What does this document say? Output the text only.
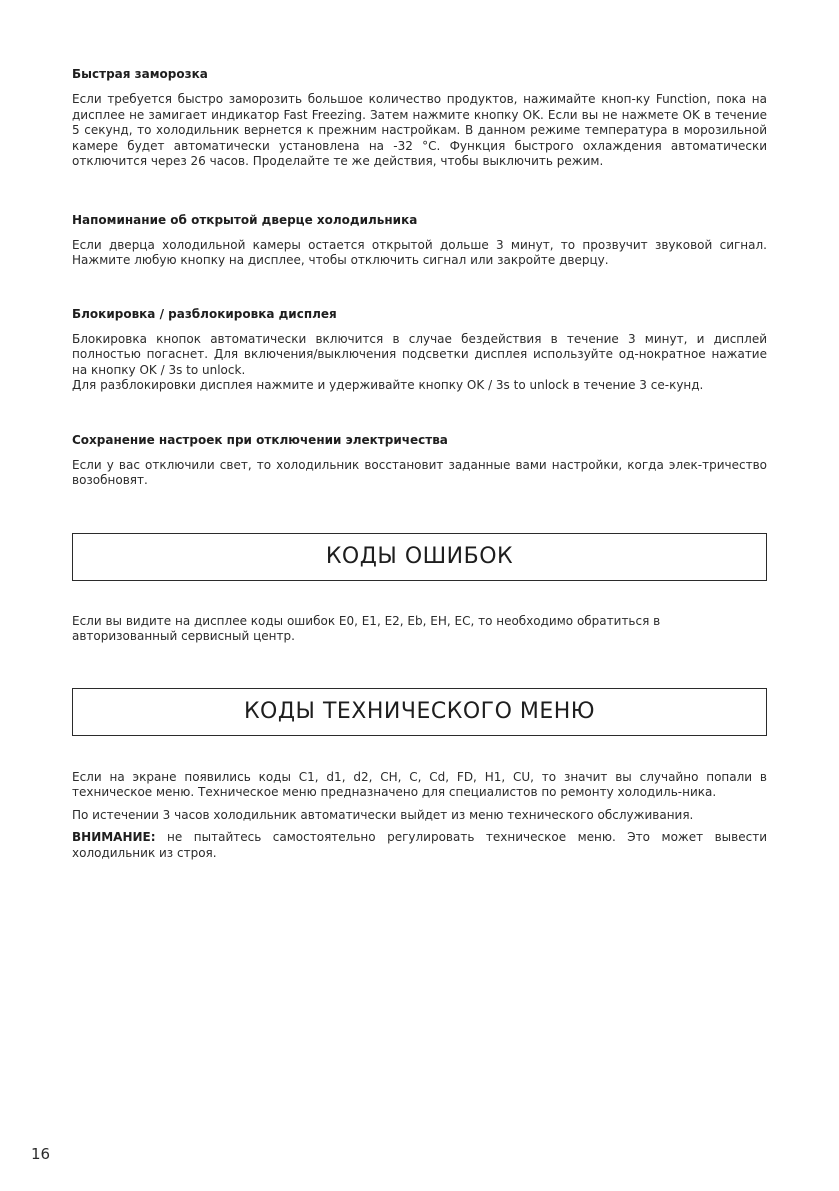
Быстрая заморозка

Если требуется быстро заморозить большое количество продуктов, нажимайте кноп-ку Function, пока на дисплее не замигает индикатор Fast Freezing. Затем нажмите кнопку OK. Если вы не нажмете OK в течение 5 секунд, то холодильник вернется к прежним настройкам. В данном режиме температура в морозильной камере будет автоматически установлена на -32 °C. Функция быстрого охлаждения автоматически отключится через 26 часов. Проделайте те же действия, чтобы выключить режим.

Напоминание об открытой дверце холодильника

Если дверца холодильной камеры остается открытой дольше 3 минут, то прозвучит звуковой сигнал. Нажмите любую кнопку на дисплее, чтобы отключить сигнал или закройте дверцу.

Блокировка / разблокировка дисплея

Блокировка кнопок автоматически включится в случае бездействия в течение 3 минут, и дисплей полностью погаснет. Для включения/выключения подсветки дисплея используйте од-нократное нажатие на кнопку OK / 3s to unlock.

Для разблокировки дисплея нажмите и удерживайте кнопку OK / 3s to unlock в течение 3 се-кунд.

Сохранение настроек при отключении электричества

Если у вас отключили свет, то холодильник восстановит заданные вами настройки, когда элек-тричество возобновят.

КОДЫ ОШИБОК

Если вы видите на дисплее коды ошибок E0, E1, E2, Eb, EH, EC, то необходимо обратиться в авторизованный сервисный центр.

КОДЫ ТЕХНИЧЕСКОГО МЕНЮ

Если на экране появились коды C1, d1, d2, CH, C, Cd, FD, H1, CU, то значит вы случайно попали в техническое меню. Техническое меню предназначено для специалистов по ремонту холодиль-ника.

По истечении 3 часов холодильник автоматически выйдет из меню технического обслуживания.

ВНИМАНИЕ: не пытайтесь самостоятельно регулировать техническое меню. Это может вывести холодильник из строя.

16
